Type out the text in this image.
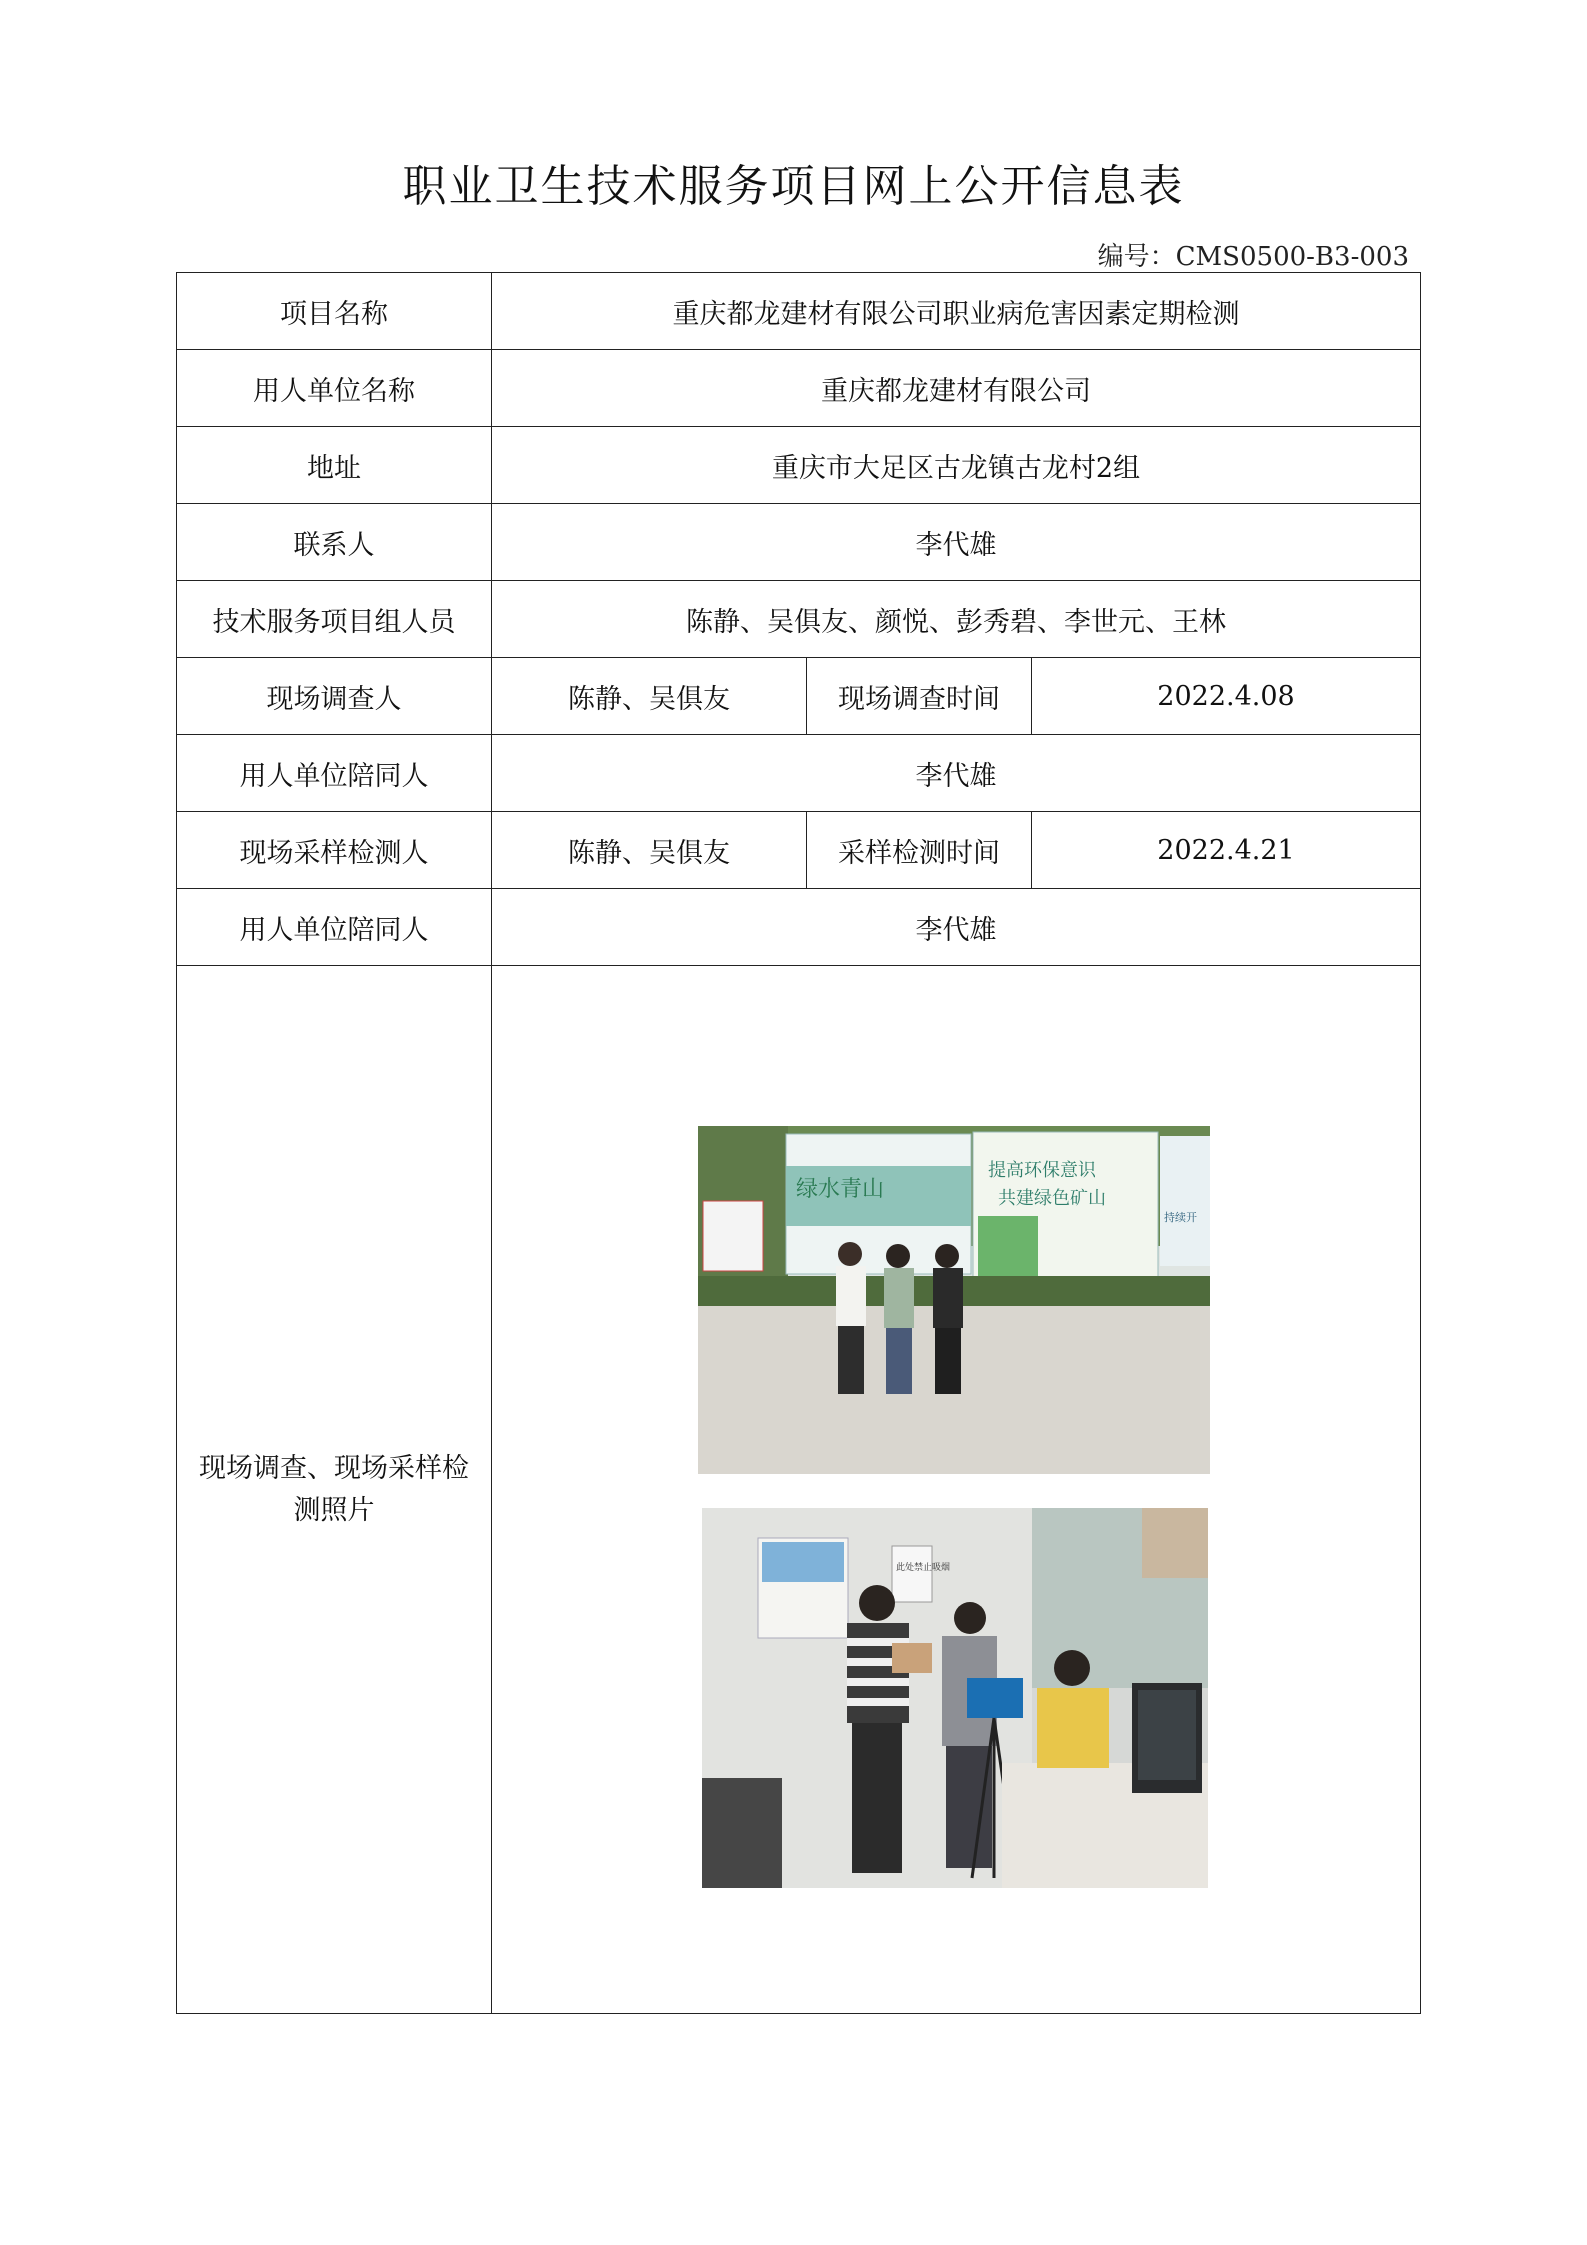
职业卫生技术服务项目网上公开信息表
编号：CMS0500-B3-003
项目名称	重庆都龙建材有限公司职业病危害因素定期检测		
用人单位名称	重庆都龙建材有限公司		
地址	重庆市大足区古龙镇古龙村2组		
联系人	李代雄		
技术服务项目组人员	陈静、吴俱友、颜悦、彭秀碧、李世元、王林		
现场调查人	陈静、吴俱友	现场调查时间	2022.4.08
用人单位陪同人	李代雄		
现场采样检测人	陈静、吴俱友	采样检测时间	2022.4.21
用人单位陪同人	李代雄		
现场调查、现场采样检测照片	绿水青山
提高环保意识
共建绿色矿山
持续开
此处禁止吸烟		
